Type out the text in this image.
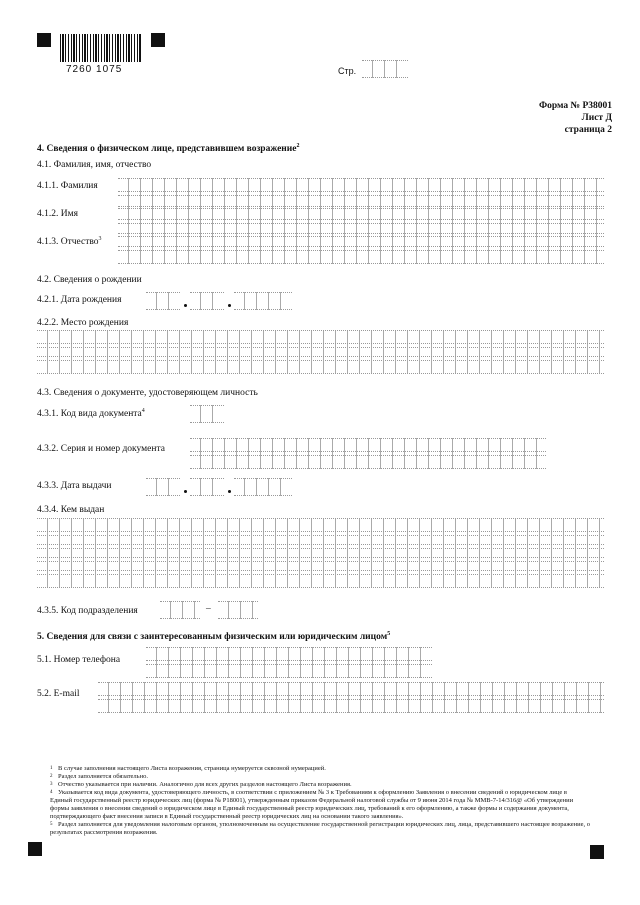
7260 1075	Стр.
Форма № Р38001
Лист Д
страница 2
4. Сведения о физическом лице, представившем возражение$^2$
4.1. Фамилия, имя, отчество
4.1.1. Фамилия
4.1.2. Имя
4.1.3. Отчество$^3$
4.2. Сведения о рождении
4.2.1. Дата рождения
4.2.2. Место рождения
4.3. Сведения о документе, удостоверяющем личность
4.3.1. Код вида документа$^4$
4.3.2. Серия и номер документа
4.3.3. Дата выдачи
4.3.4. Кем выдан
4.3.5. Код подразделения	–
5. Сведения для связи с заинтересованным физическим или юридическим лицом$^5$
5.1. Номер телефона
5.2. E-mail
1 В случае заполнения настоящего Листа возражения, страница нумеруется сквозной нумерацией.
2 Раздел заполняется обязательно.
3 Отчество указывается при наличии. Аналогично для всех других разделов настоящего Листа возражения.
4 Указывается код вида документа, удостоверяющего личность, в соответствии с приложением № 3 к Требованиям к оформлению Заявления о внесении сведений о юридическом лице в Единый государственный реестр юридических лиц (форма № Р18001), утвержденным приказом Федеральной налоговой службы от 9 июня 2014 года № ММВ-7-14/316@ «Об утверждении формы заявления о внесении сведений о юридическом лице в Единый государственный реестр юридических лиц, требований к его оформлению, а также формы и содержания документа, подтверждающего факт внесения записи в Единый государственный реестр юридических лиц на основании такого заявления».
5 Раздел заполняется для уведомления налоговым органом, уполномоченным на осуществление государственной регистрации юридических лиц, лица, представившего настоящее возражение, о результатах рассмотрения возражения.
